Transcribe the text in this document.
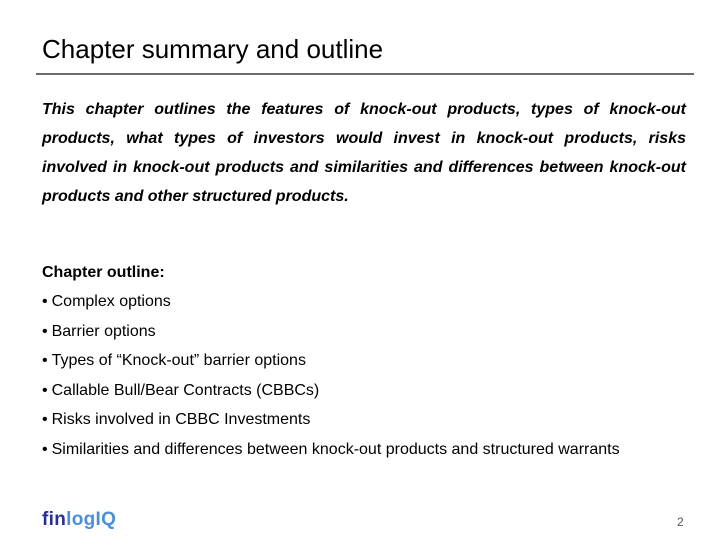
Chapter summary and outline
This chapter outlines the features of knock-out products, types of knock-out products, what types of investors would invest in knock-out products, risks involved in knock-out products and similarities and differences between knock-out products and other structured products.
Chapter outline:
• Complex options
• Barrier options
• Types of “Knock-out” barrier options
• Callable Bull/Bear Contracts (CBBCs)
• Risks involved in CBBC Investments
• Similarities and differences between knock-out products and structured warrants
finlogIQ	2
